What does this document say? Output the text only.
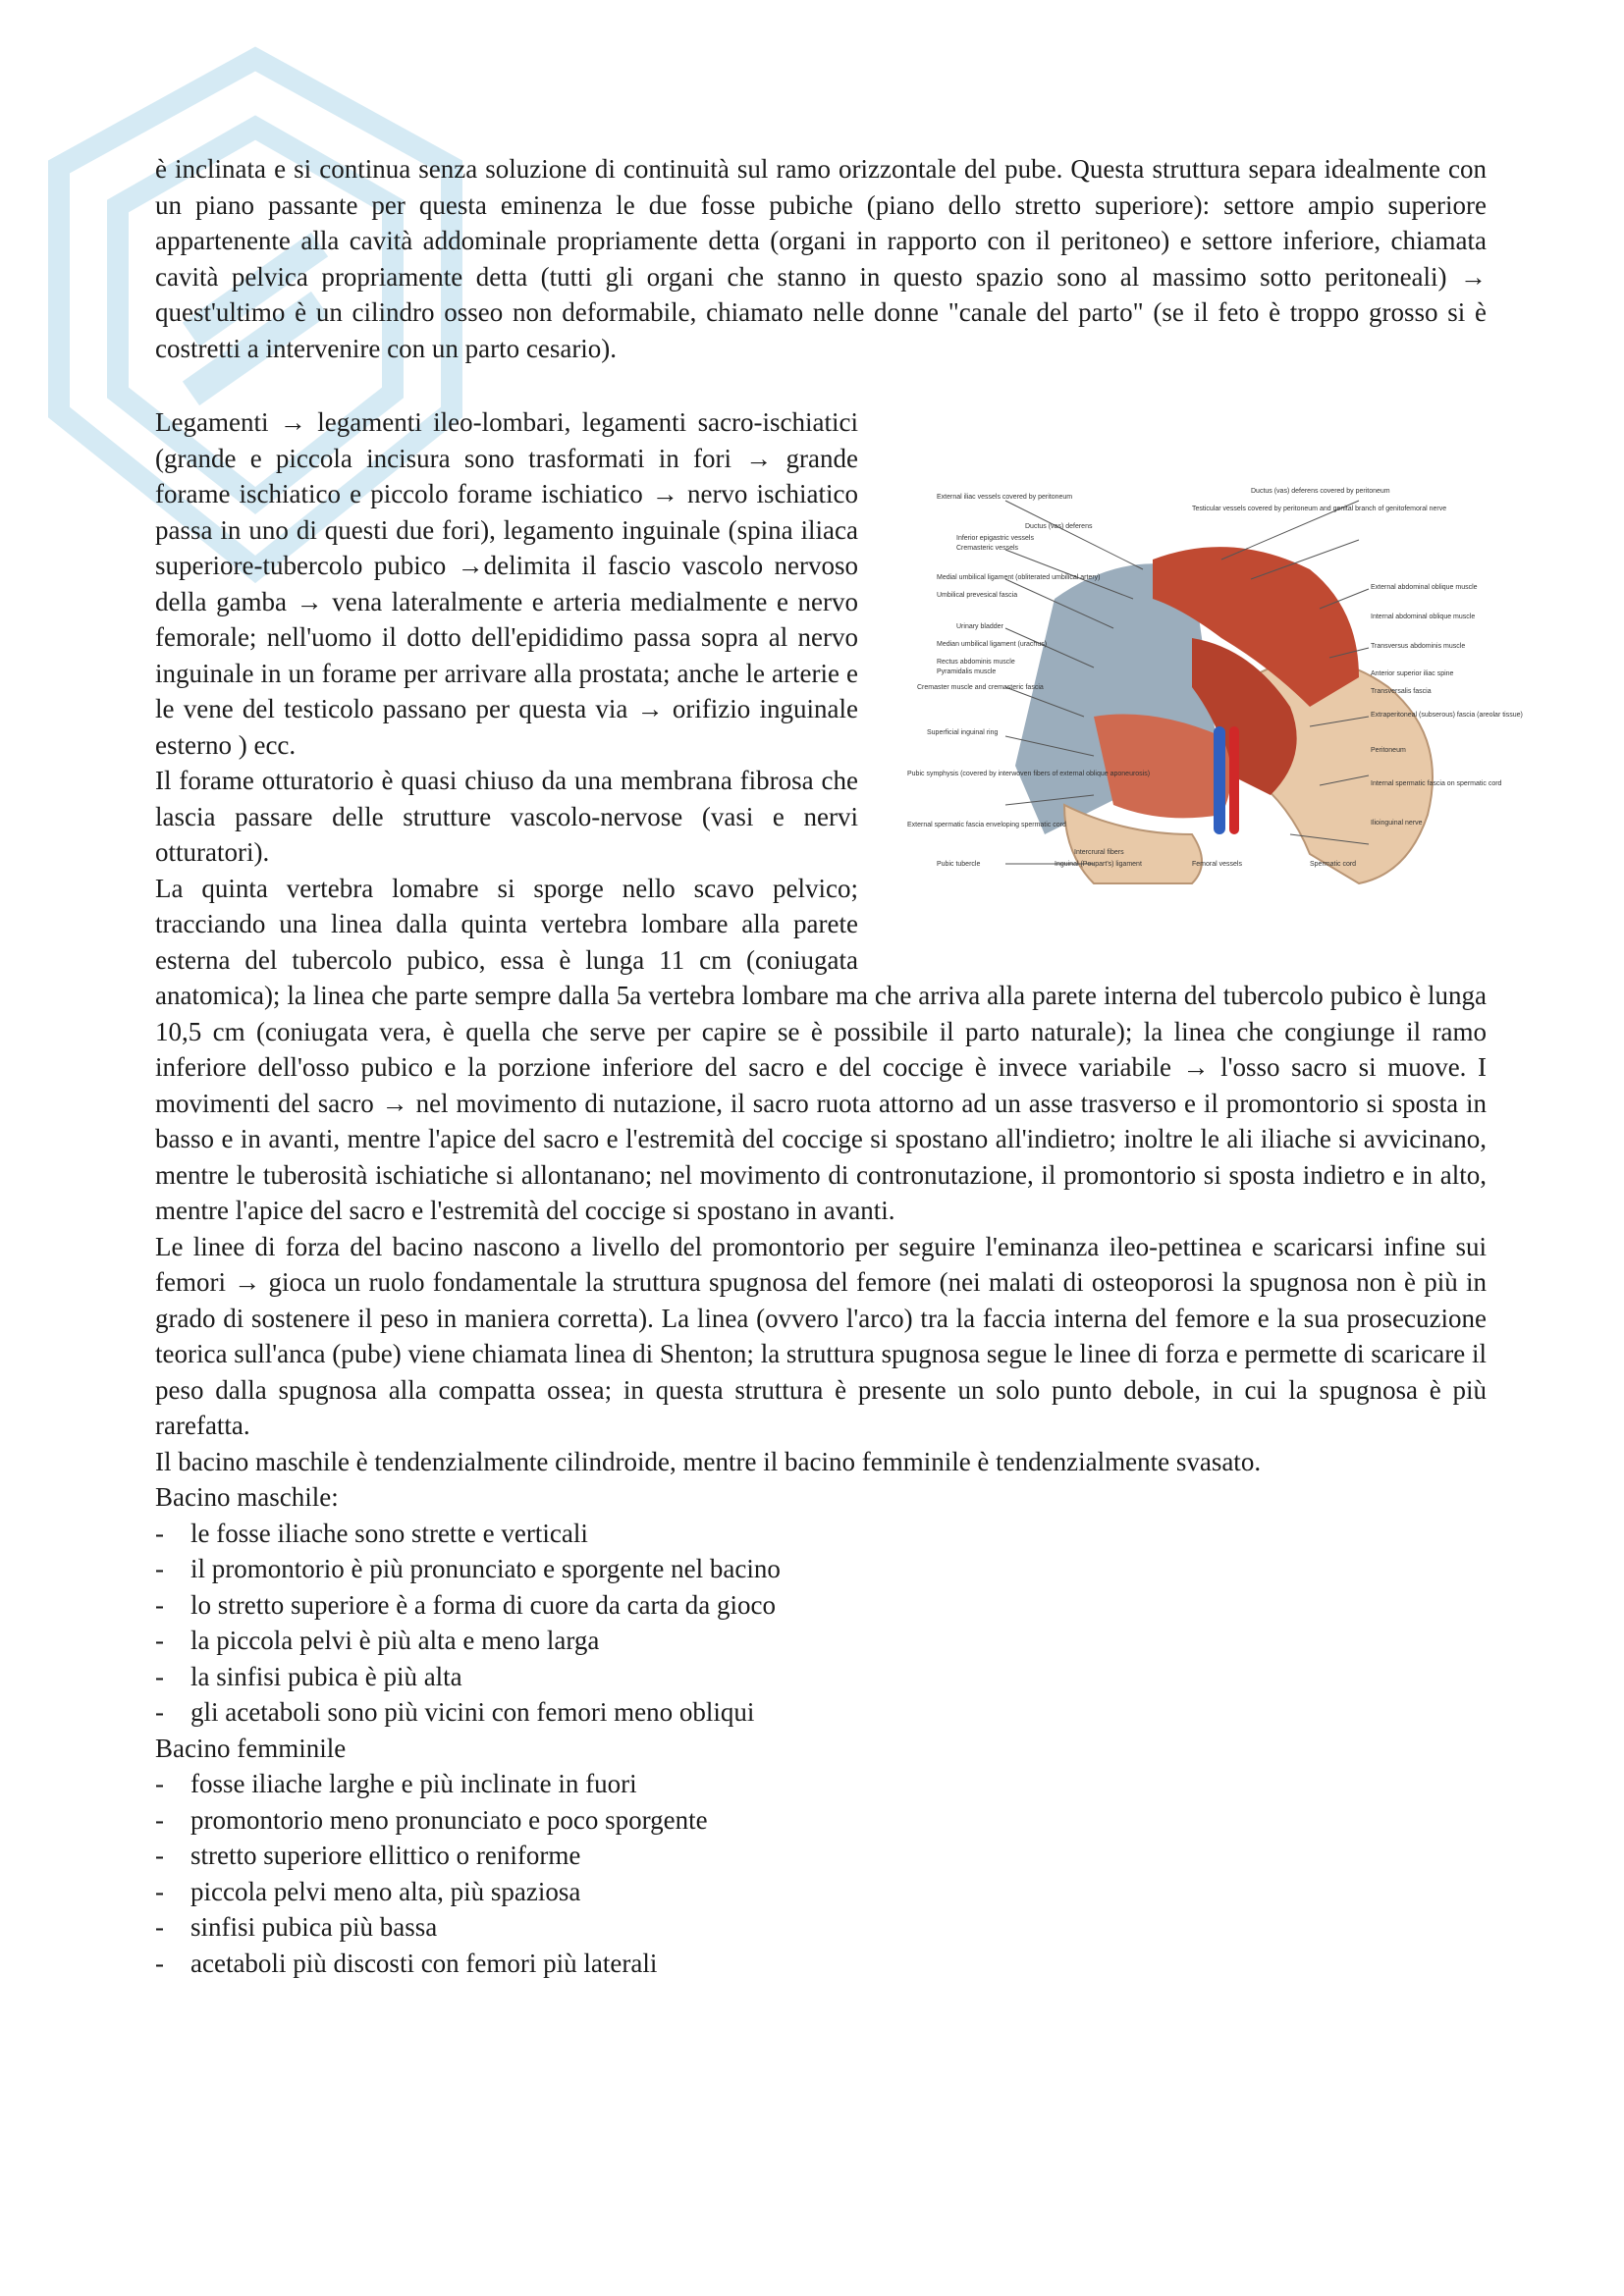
è inclinata e si continua senza soluzione di continuità sul ramo orizzontale del pube. Questa struttura separa idealmente con un piano passante per questa eminenza le due fosse pubiche (piano dello stretto superiore): settore ampio superiore appartenente alla cavità addominale propriamente detta (organi in rapporto con il peritoneo) e settore inferiore, chiamata cavità pelvica propriamente detta (tutti gli organi che stanno in questo spazio sono al massimo sotto peritoneali) → quest'ultimo è un cilindro osseo non deformabile, chiamato nelle donne "canale del parto" (se il feto è troppo grosso si è costretti a intervenire con un parto cesario).

External iliac vessels covered by peritoneum
Inferior epigastric vessels
Cremasteric vessels
Medial umbilical ligament (obliterated umbilical artery)
Umbilical prevesical fascia
Urinary bladder
Median umbilical ligament (urachus)
Rectus abdominis muscle
Pyramidalis muscle
Cremaster muscle and cremasteric fascia
Superficial inguinal ring
Pubic symphysis (covered by interwoven fibers of external oblique aponeurosis)
External spermatic fascia enveloping spermatic cord
Pubic tubercle
Ductus (vas) deferens
Ductus (vas) deferens covered by peritoneum
Testicular vessels covered by peritoneum and genital branch of genitofemoral nerve
External abdominal oblique muscle
Internal abdominal oblique muscle
Transversus abdominis muscle
Anterior superior iliac spine
Transversalis fascia
Extraperitoneal (subserous) fascia (areolar tissue)
Peritoneum
Internal spermatic fascia on spermatic cord
Ilioinguinal nerve
Spermatic cord
Intercrural fibers
Inguinal (Poupart's) ligament	Femoral vessels

Legamenti → legamenti ileo-lombari, legamenti sacro-ischiatici (grande e piccola incisura sono trasformati in fori → grande forame ischiatico e piccolo forame ischiatico → nervo ischiatico passa in uno di questi due fori), legamento inguinale (spina iliaca superiore-tubercolo pubico →delimita il fascio vascolo nervoso della gamba → vena lateralmente e arteria medialmente e nervo femorale; nell'uomo il dotto dell'epididimo passa sopra al nervo inguinale in un forame per arrivare alla prostata; anche le arterie e le vene del testicolo passano per questa via → orifizio inguinale esterno ) ecc.

Il forame otturatorio è quasi chiuso da una membrana fibrosa che lascia passare delle strutture vascolo-nervose (vasi e nervi otturatori).

La quinta vertebra lomabre si sporge nello scavo pelvico; tracciando una linea dalla quinta vertebra lombare alla parete esterna del tubercolo pubico, essa è lunga 11 cm (coniugata anatomica); la linea che parte sempre dalla 5a vertebra lombare ma che arriva alla parete interna del tubercolo pubico è lunga 10,5 cm (coniugata vera, è quella che serve per capire se è possibile il parto naturale); la linea che congiunge il ramo inferiore dell'osso pubico e la porzione inferiore del sacro e del coccige è invece variabile → l'osso sacro si muove. I movimenti del sacro → nel movimento di nutazione, il sacro ruota attorno ad un asse trasverso e il promontorio si sposta in basso e in avanti, mentre l'apice del sacro e l'estremità del coccige si spostano all'indietro; inoltre le ali iliache si avvicinano, mentre le tuberosità ischiatiche si allontanano; nel movimento di contronutazione, il promontorio si sposta indietro e in alto, mentre l'apice del sacro e l'estremità del coccige si spostano in avanti.

Le linee di forza del bacino nascono a livello del promontorio per seguire l'eminanza ileo-pettinea e scaricarsi infine sui femori → gioca un ruolo fondamentale la struttura spugnosa del femore (nei malati di osteoporosi la spugnosa non è più in grado di sostenere il peso in maniera corretta). La linea (ovvero l'arco) tra la faccia interna del femore e la sua prosecuzione teorica sull'anca (pube) viene chiamata linea di Shenton; la struttura spugnosa segue le linee di forza e permette di scaricare il peso dalla spugnosa alla compatta ossea; in questa struttura è presente un solo punto debole, in cui la spugnosa è più rarefatta.

Il bacino maschile è tendenzialmente cilindroide, mentre il bacino femminile è tendenzialmente svasato.

Bacino maschile:
- le fosse iliache sono strette e verticali
- il promontorio è più pronunciato e sporgente nel bacino
- lo stretto superiore è a forma di cuore da carta da gioco
- la piccola pelvi è più alta e meno larga
- la sinfisi pubica è più alta
- gli acetaboli sono più vicini con femori meno obliqui
Bacino femminile
- fosse iliache larghe e più inclinate in fuori
- promontorio meno pronunciato e poco sporgente
- stretto superiore ellittico o reniforme
- piccola pelvi meno alta, più spaziosa
- sinfisi pubica più bassa
- acetaboli più discosti con femori più laterali
